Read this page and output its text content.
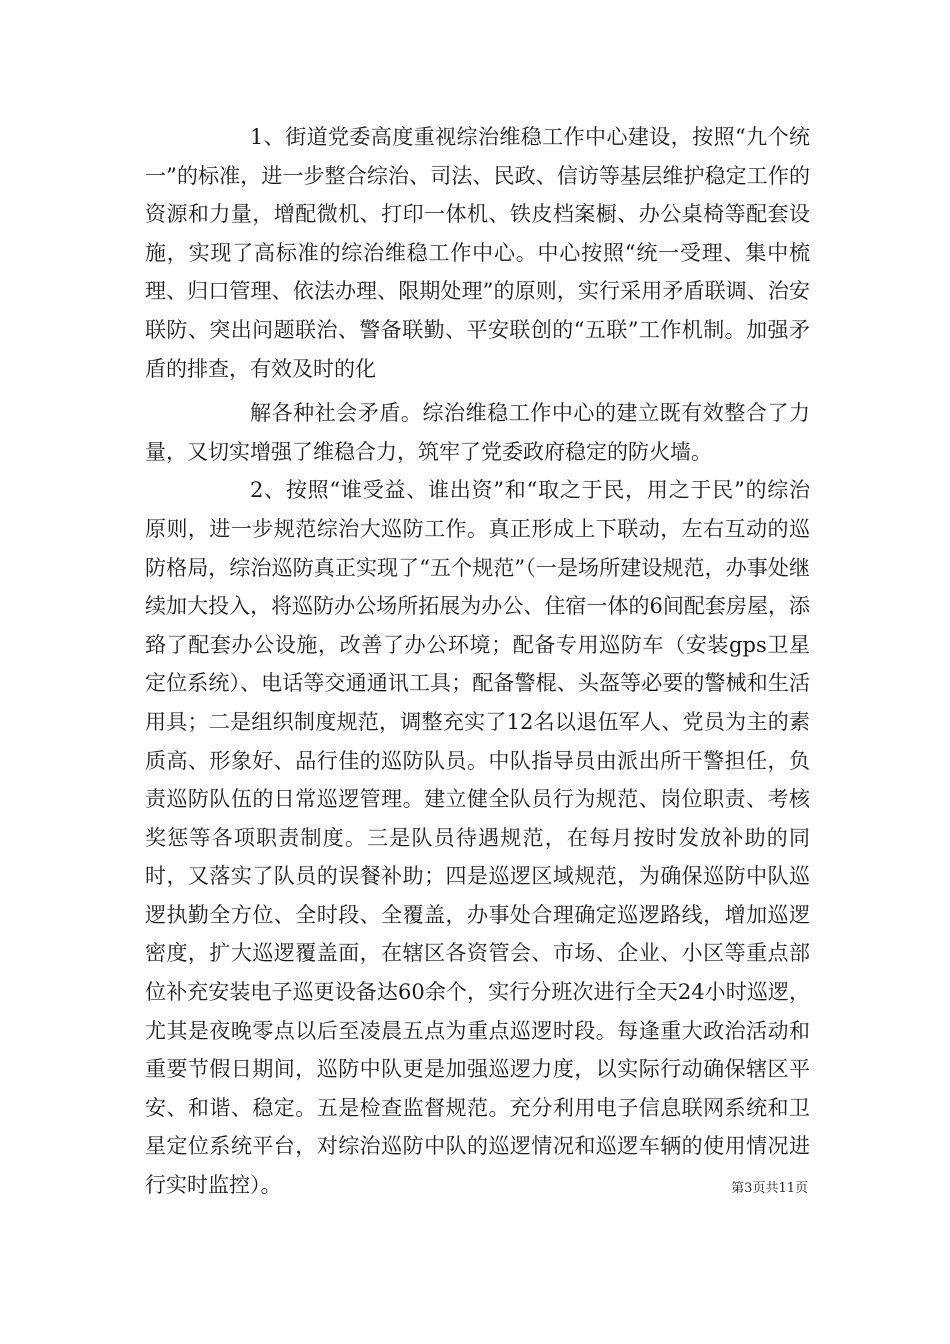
1、街道党委高度重视综治维稳工作中心建设，按照“九个统一”的标准，进一步整合综治、司法、民政、信访等基层维护稳定工作的资源和力量，增配微机、打印一体机、铁皮档案橱、办公桌椅等配套设施，实现了高标准的综治维稳工作中心。中心按照“统一受理、集中梳理、归口管理、依法办理、限期处理”的原则，实行采用矛盾联调、治安联防、突出问题联治、警备联勤、平安联创的“五联”工作机制。加强矛盾的排查，有效及时的化

解各种社会矛盾。综治维稳工作中心的建立既有效整合了力量，又切实增强了维稳合力，筑牢了党委政府稳定的防火墙。

2、按照“谁受益、谁出资”和“取之于民，用之于民”的综治原则，进一步规范综治大巡防工作。真正形成上下联动，左右互动的巡防格局，综治巡防真正实现了“五个规范”（一是场所建设规范，办事处继续加大投入，将巡防办公场所拓展为办公、住宿一体的6间配套房屋，添臵了配套办公设施，改善了办公环境；配备专用巡防车（安装gps卫星定位系统）、电话等交通通讯工具；配备警棍、头盔等必要的警械和生活用具；二是组织制度规范，调整充实了12名以退伍军人、党员为主的素质高、形象好、品行佳的巡防队员。中队指导员由派出所干警担任，负责巡防队伍的日常巡逻管理。建立健全队员行为规范、岗位职责、考核奖惩等各项职责制度。三是队员待遇规范，在每月按时发放补助的同时，又落实了队员的误餐补助；四是巡逻区域规范，为确保巡防中队巡逻执勤全方位、全时段、全覆盖，办事处合理确定巡逻路线，增加巡逻密度，扩大巡逻覆盖面，在辖区各资管会、市场、企业、小区等重点部位补充安装电子巡更设备达60余个，实行分班次进行全天24小时巡逻，尤其是夜晚零点以后至凌晨五点为重点巡逻时段。每逢重大政治活动和重要节假日期间，巡防中队更是加强巡逻力度，以实际行动确保辖区平安、和谐、稳定。五是检查监督规范。充分利用电子信息联网系统和卫星定位系统平台，对综治巡防中队的巡逻情况和巡逻车辆的使用情况进行实时监控）。	第3页共11页
